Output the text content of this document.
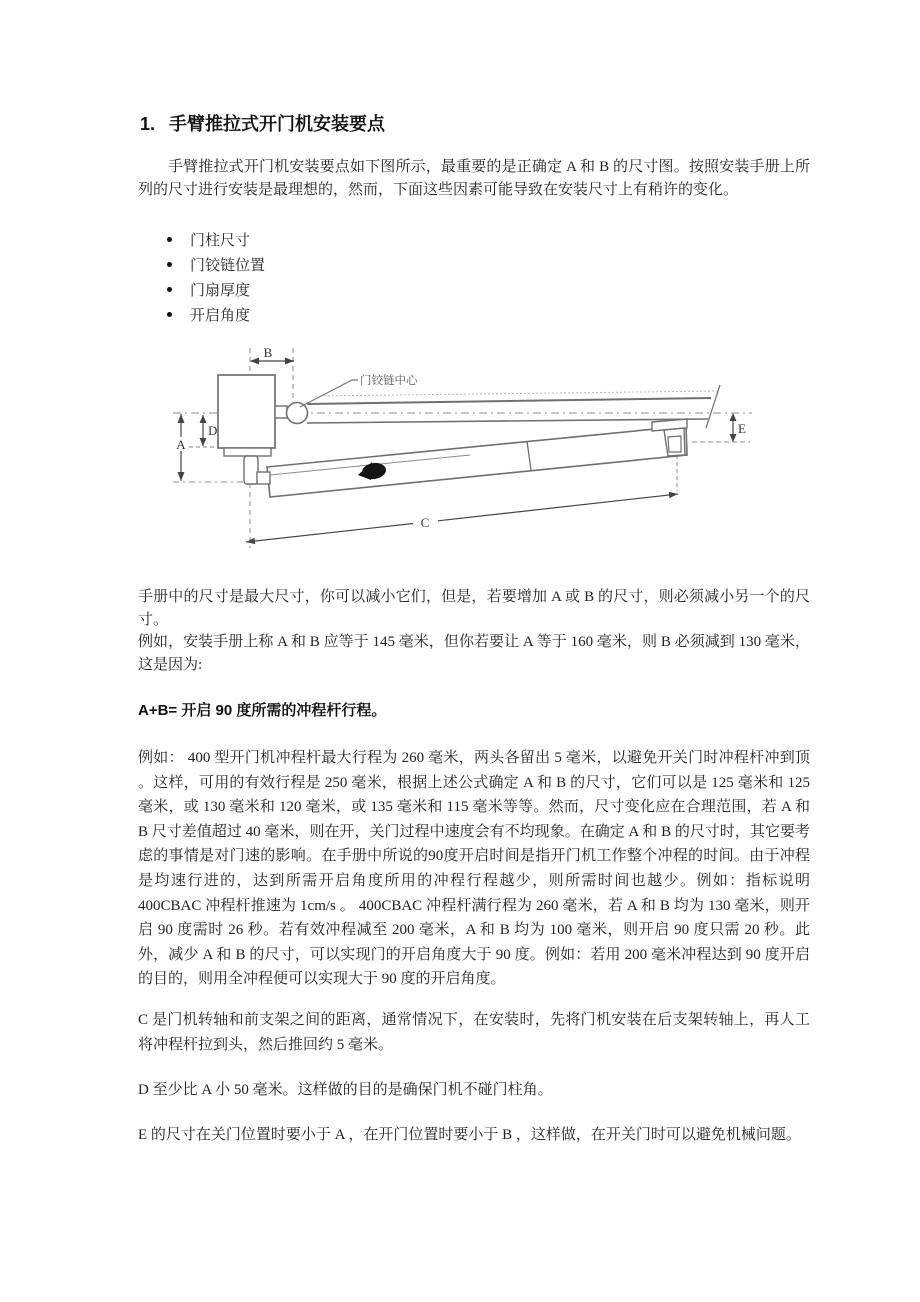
1. 手臂推拉式开门机安装要点

手臂推拉式开门机安装要点如下图所示，最重要的是正确定 A 和 B 的尺寸图。按照安装手册上所列的尺寸进行安装是最理想的，然而，下面这些因素可能导致在安装尺寸上有稍许的变化。

门柱尺寸
门铰链位置
门扇厚度
开启角度
门铰链中心
B
A
D	E
C

手册中的尺寸是最大尺寸，你可以减小它们，但是，若要增加 A 或 B 的尺寸，则必须减小另一个的尺寸。

例如，安装手册上称 A 和 B 应等于 145 毫米，但你若要让 A 等于 160 毫米，则 B 必须减到 130 毫米，这是因为:

A+B= 开启 90 度所需的冲程杆行程。

例如： 400 型开门机冲程杆最大行程为 260 毫米，两头各留出 5 毫米，以避免开关门时冲程杆冲到顶 。这样，可用的有效行程是 250 毫米，根据上述公式确定 A 和 B 的尺寸，它们可以是 125 毫米和 125 毫米，或 130 毫米和 120 毫米，或 135 毫米和 115 毫米等等。然而，尺寸变化应在合理范围，若 A 和 B 尺寸差值超过 40 毫米，则在开，关门过程中速度会有不均现象。在确定 A 和 B 的尺寸时，其它要考虑的事情是对门速的影响。在手册中所说的90度开启时间是指开门机工作整个冲程的时间。由于冲程是均速行进的，达到所需开启角度所用的冲程行程越少，则所需时间也越少。例如：指标说明 400CBAC 冲程杆推速为 1cm/s 。 400CBAC 冲程杆满行程为 260 毫米，若 A 和 B 均为 130 毫米，则开启 90 度需时 26 秒。若有效冲程减至 200 毫米，A 和 B 均为 100 毫米，则开启 90 度只需 20 秒。此外，减少 A 和 B 的尺寸，可以实现门的开启角度大于 90 度。例如：若用 200 毫米冲程达到 90 度开启的目的，则用全冲程便可以实现大于 90 度的开启角度。

C 是门机转轴和前支架之间的距离，通常情况下，在安装时，先将门机安装在后支架转轴上，再人工将冲程杆拉到头，然后推回约 5 毫米。

D 至少比 A 小 50 毫米。这样做的目的是确保门机不碰门柱角。

E 的尺寸在关门位置时要小于 A ，在开门位置时要小于 B ，这样做，在开关门时可以避免机械问题。
